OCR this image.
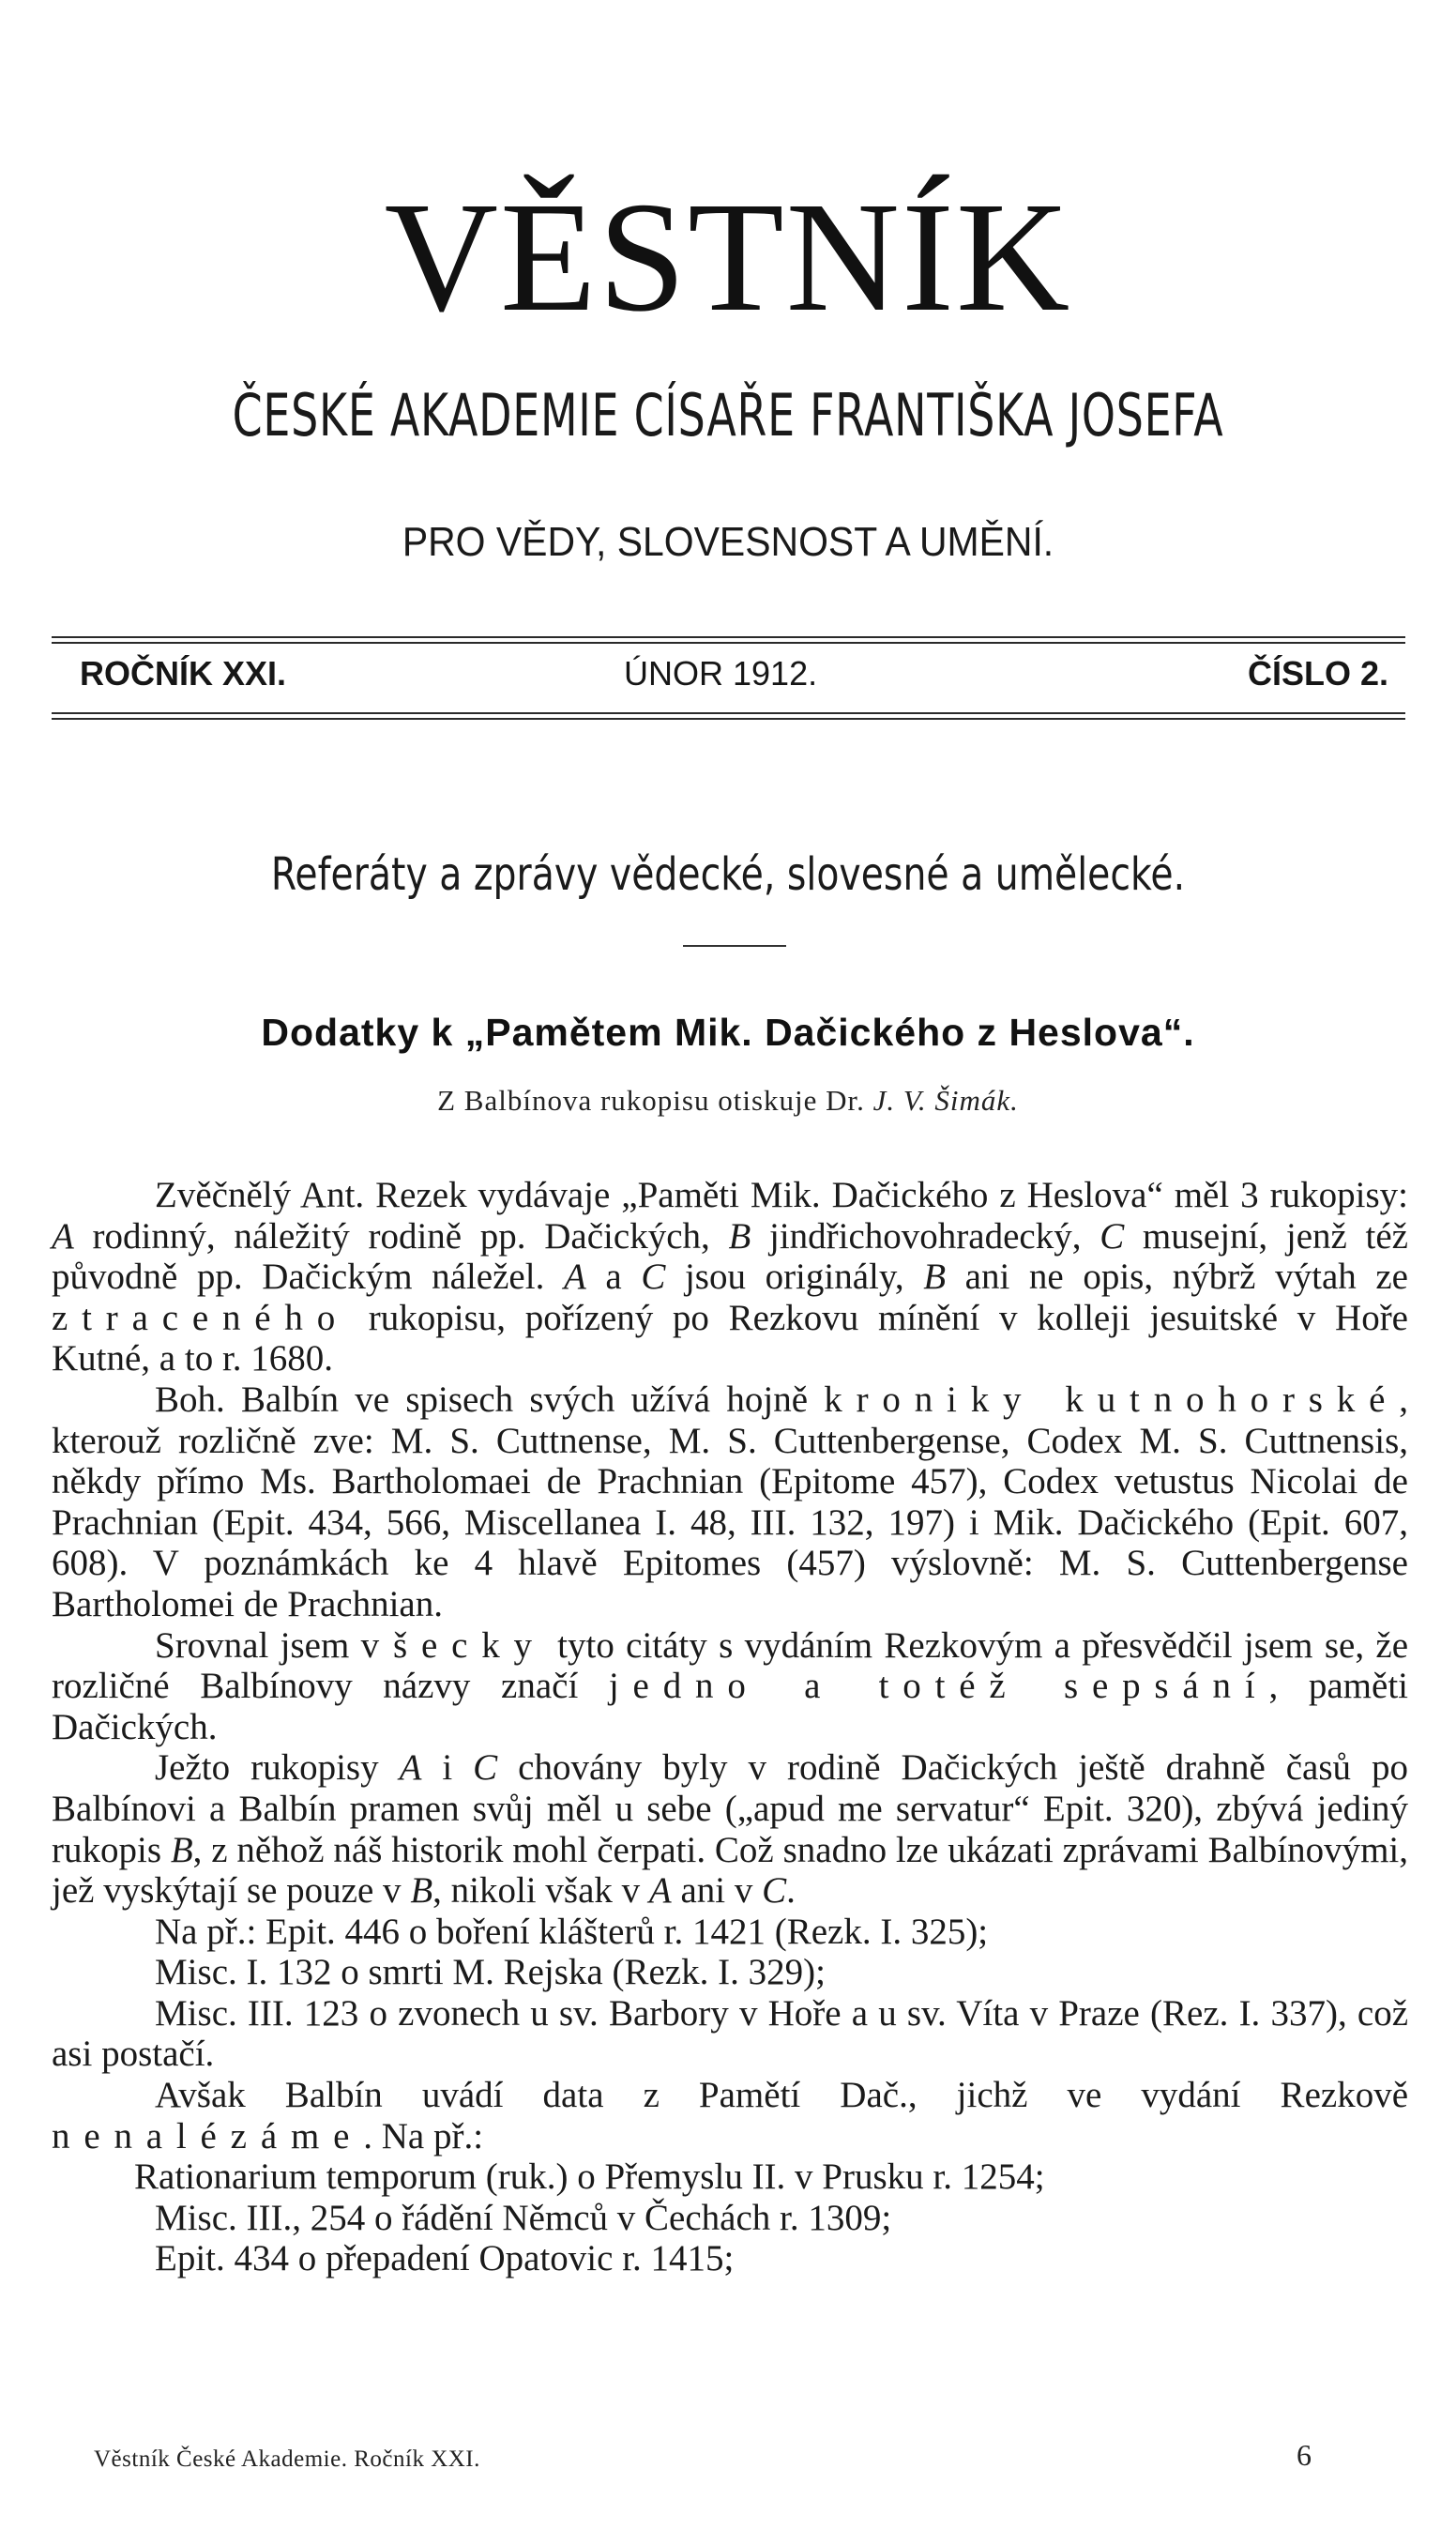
VĚSTNÍK
ČESKÉ AKADEMIE CÍSAŘE FRANTIŠKA JOSEFA
PRO VĚDY, SLOVESNOST A UMĚNÍ.
ROČNÍK XXI.	ÚNOR 1912.	ČÍSLO 2.
Referáty a zprávy vědecké, slovesné a umělecké.
Dodatky k „Pamětem Mik. Dačického z Heslova“.
Z Balbínova rukopisu otiskuje Dr. J. V. Šimák.

Zvěčnělý Ant. Rezek vydávaje „Paměti Mik. Dačického z Heslova“ měl 3 rukopisy: A rodinný, náležitý rodině pp. Dačických, B jindřichovohradecký, C musejní, jenž též původně pp. Dačickým náležel. A a C jsou originály, B ani ne opis, nýbrž výtah ze ztraceného rukopisu, pořízený po Rezkovu mínění v kolleji jesuitské v Hoře Kutné, a to r. 1680.

Boh. Balbín ve spisech svých užívá hojně kroniky kutnohorské, kterouž rozličně zve: M. S. Cuttnense, M. S. Cuttenbergense, Codex M. S. Cuttnensis, někdy přímo Ms. Bartholomaei de Prachnian (Epitome 457), Codex vetustus Nicolai de Prachnian (Epit. 434, 566, Miscellanea I. 48, III. 132, 197) i Mik. Dačického (Epit. 607, 608). V poznámkách ke 4 hlavě Epitomes (457) výslovně: M. S. Cuttenbergense Bartholomei de Prachnian.

Srovnal jsem všecky tyto citáty s vydáním Rezkovým a přesvědčil jsem se, že rozličné Balbínovy názvy značí jedno a totéž sepsání, paměti Dačických.

Ježto rukopisy A i C chovány byly v rodině Dačických ještě drahně časů po Balbínovi a Balbín pramen svůj měl u sebe („apud me servatur“ Epit. 320), zbývá jediný rukopis B, z něhož náš historik mohl čerpati. Což snadno lze ukázati zprávami Balbínovými, jež vyskýtají se pouze v B, nikoli však v A ani v C.

Na př.: Epit. 446 o boření klášterů r. 1421 (Rezk. I. 325);

Misc. I. 132 o smrti M. Rejska (Rezk. I. 329);

Misc. III. 123 o zvonech u sv. Barbory v Hoře a u sv. Víta v Praze (Rez. I. 337), což asi postačí.

Avšak Balbín uvádí data z Pamětí Dač., jichž ve vydání Rezkově nenalézáme. Na př.:

Rationarium temporum (ruk.) o Přemyslu II. v Prusku r. 1254;

Misc. III., 254 o řádění Němců v Čechách r. 1309;

Epit. 434 o přepadení Opatovic r. 1415;

Věstník České Akademie. Ročník XXI.	6
